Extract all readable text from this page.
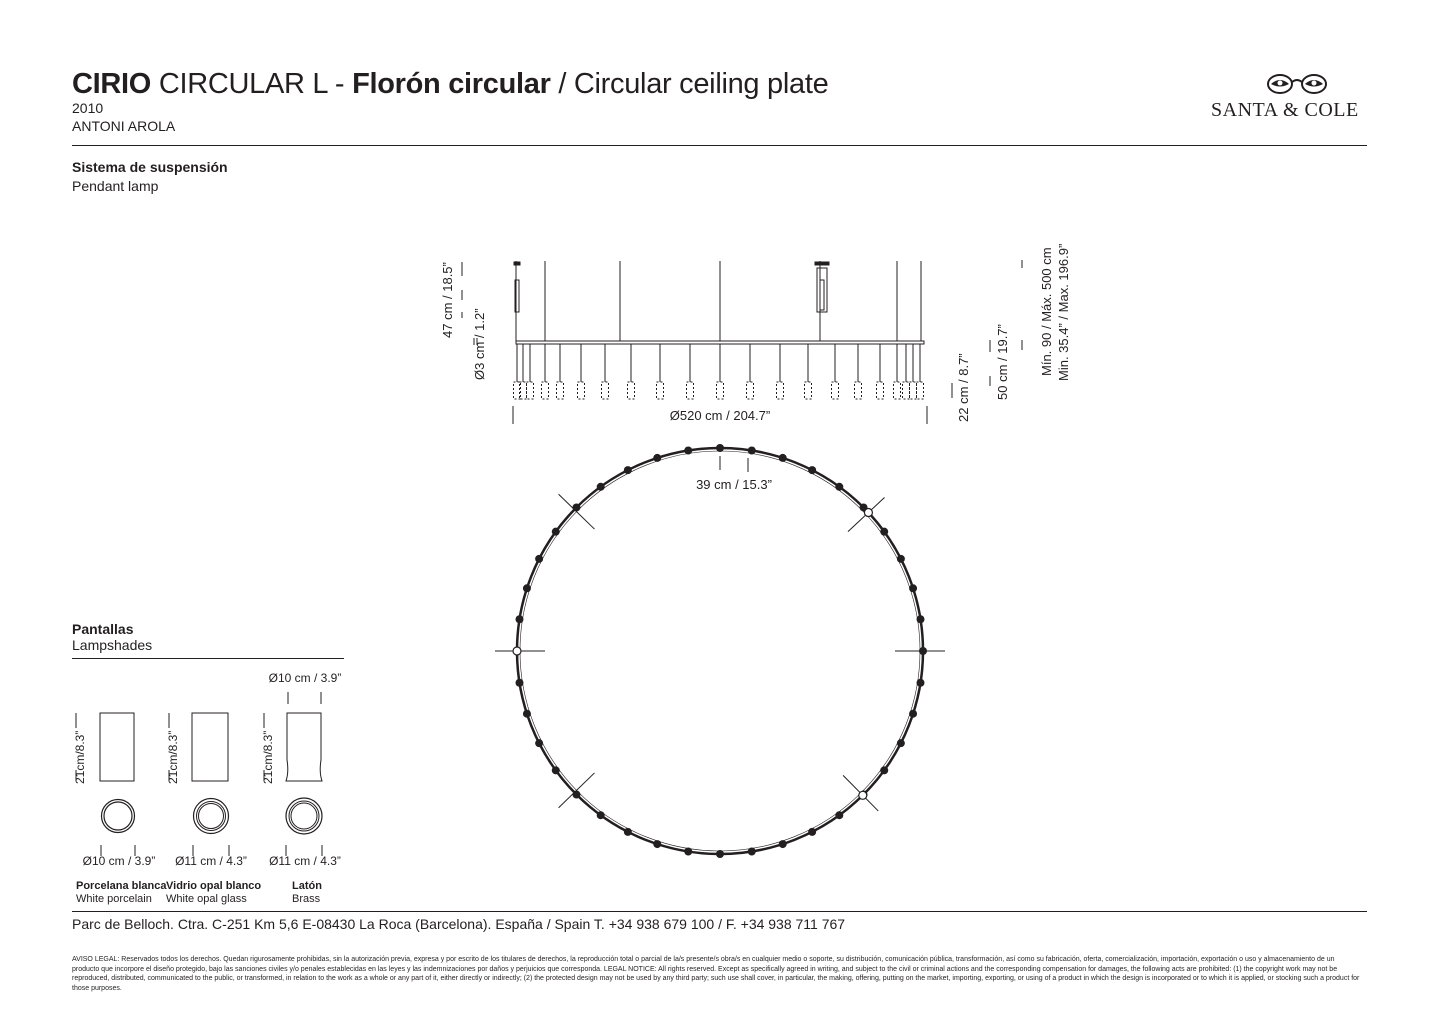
CIRIO CIRCULAR L - Florón circular / Circular ceiling plate
2010
ANTONI AROLA
SANTA & COLE
Sistema de suspensión
Pendant lamp
47 cm / 18.5”
Ø3 cm / 1.2”
Ø520 cm / 204.7”	22 cm / 8.7” 50 cm / 19.7” Mín. 90 / Máx. 500 cm Min. 35.4” / Max. 196.9”
39 cm / 15.3”
Ø10 cm / 3.9”
21cm/8.3”	21cm/8.3”	21cm/8.3”
Ø10 cm / 3.9” Ø11 cm / 4.3” Ø11 cm / 4.3”
Pantallas
Lampshades
Porcelana blanca
White porcelain
Vidrio opal blanco
White opal glass
Latón
Brass
Parc de Belloch. Ctra. C-251 Km 5,6 E-08430 La Roca (Barcelona). España / Spain T. +34 938 679 100 / F. +34 938 711 767
AVISO LEGAL: Reservados todos los derechos. Quedan rigurosamente prohibidas, sin la autorización previa, expresa y por escrito de los titulares de derechos, la reproducción total o parcial de la/s presente/s obra/s en cualquier medio o soporte, su distribución, comunicación pública, transformación, así como su fabricación, oferta, comercialización, importación, exportación o uso y almacenamiento de un producto que incorpore el diseño protegido, bajo las sanciones civiles y/o penales establecidas en las leyes y las indemnizaciones por daños y perjuicios que corresponda. LEGAL NOTICE: All rights reserved. Except as specifically agreed in writing, and subject to the civil or criminal actions and the corresponding compensation for damages, the following acts are prohibited: (1) the copyright work may not be reproduced, distributed, communicated to the public, or transformed, in relation to the work as a whole or any part of it, either directly or indirectly; (2) the protected design may not be used by any third party; such use shall cover, in particular, the making, offering, putting on the market, importing, exporting, or using of a product in which the design is incorporated or to which it is applied, or stocking such a product for those purposes.
